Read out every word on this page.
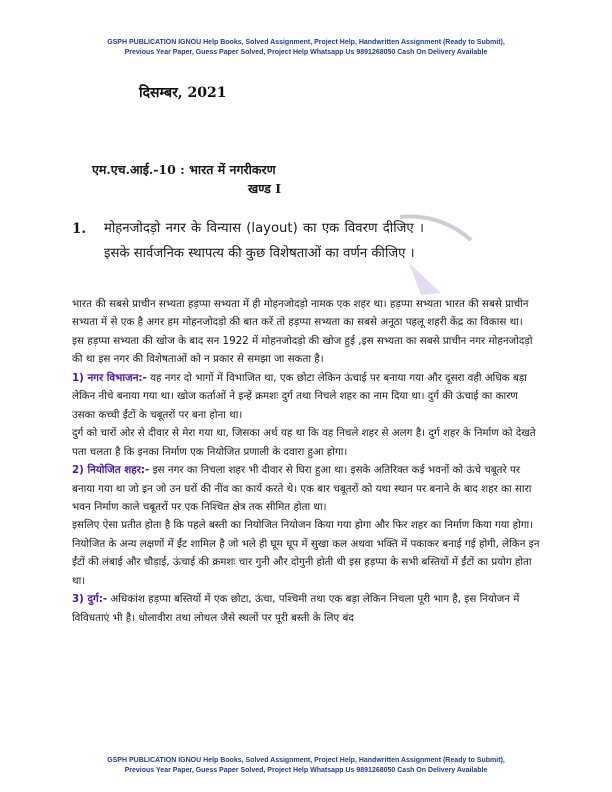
GSPH PUBLICATION IGNOU Help Books, Solved Assignment, Project Help, Handwritten Assignment (Ready to Submit),
Previous Year Paper, Guess Paper Solved, Project Help Whatsapp Us 9891268050 Cash On Delivery Available
दिसम्बर, 2021
एम.एच.आई.-10 : भारत में नगरीकरण
खण्ड I
1. मोहनजोदड़ो नगर के विन्यास (layout) का एक विवरण दीजिए । इसके सार्वजनिक स्थापत्य की कुछ विशेषताओं का वर्णन कीजिए ।

भारत की सबसे प्राचीन सभ्यता हड़प्पा सभ्यता में ही मोहनजोदड़ो नामक एक शहर था। हड़प्पा सभ्यता भारत की सबसे प्राचीन सभ्यता में से एक है अगर हम मोहनजोदड़ो की बात करें तो हड़प्पा सभ्यता का सबसे अनूठा पहलू शहरी केंद्र का विकास था।

इस हड़प्पा सभ्यता की खोज के बाद सन 1922 में मोहनजोदड़ो की खोज हुई ,इस सभ्यता का सबसे प्राचीन नगर मोहनजोदड़ो की था इस नगर की विशेषताओं को न प्रकार से समझा जा सकता है।

1) नगर विभाजन:- यह नगर दो भागों में विभाजित था, एक छोटा लेकिन ऊंचाई पर बनाया गया और दूसरा वही अधिक बड़ा लेकिन नीचे बनाया गया था। खोज कर्ताओं ने इन्हें क्रमशः दुर्ग तथा निचले शहर का नाम दिया था। दुर्ग की ऊंचाई का कारण उसका कच्ची ईंटों के चबूतरों पर बना होना था।

दुर्ग को चारों ओर से दीवार से मेरा गया था, जिसका अर्थ यह था कि वह निचले शहर से अलग है। दुर्ग शहर के निर्माण को देखते पता चलता है कि इनका निर्माण एक नियोजित प्रणाली के दवारा हुआ होगा।

2) नियोजित शहर:- इस नगर का निचला शहर भी दीवार से घिरा हुआ था। इसके अतिरिक्त कई भवनों को ऊंचे चबूतरे पर बनाया गया था जो इन जो उन घरों की नींव का कार्य करते थे। एक बार चबूतरों को यथा स्थान पर बनाने के बाद शहर का सारा भवन निर्माण काले चबूतरों पर एक निश्चित क्षेत्र तक सीमित होता था।

इसलिए ऐसा प्रतीत होता है कि पहले बस्ती का नियोजित नियोजन किया गया होगा और फिर शहर का निर्माण किया गया होगा। नियोजित के अन्य लक्षणों में ईंट शामिल है जो भले ही घूम धूप में सुखा कल अथवा भक्ति में पकाकर बनाई गई होगी, लेकिन इन ईंटों की लंबाई और चौड़ाई, ऊंचाई की क्रमशः चार गुनी और दोगुनी होती थी इस हड़प्पा के सभी बस्तियों में ईंटों का प्रयोग होता था।

3) दुर्ग:- अधिकांश हड़प्पा बस्तियों में एक छोटा, ऊंचा, पश्चिमी तथा एक बड़ा लेकिन निचला पूरी भाग है, इस नियोजन में विविधताएं भी है। धोलावीरा तथा लोथल जैसे स्थलों पर पूरी बस्ती के लिए बंद

GSPH PUBLICATION IGNOU Help Books, Solved Assignment, Project Help, Handwritten Assignment (Ready to Submit),
Previous Year Paper, Guess Paper Solved, Project Help Whatsapp Us 9891268050 Cash On Delivery Available
